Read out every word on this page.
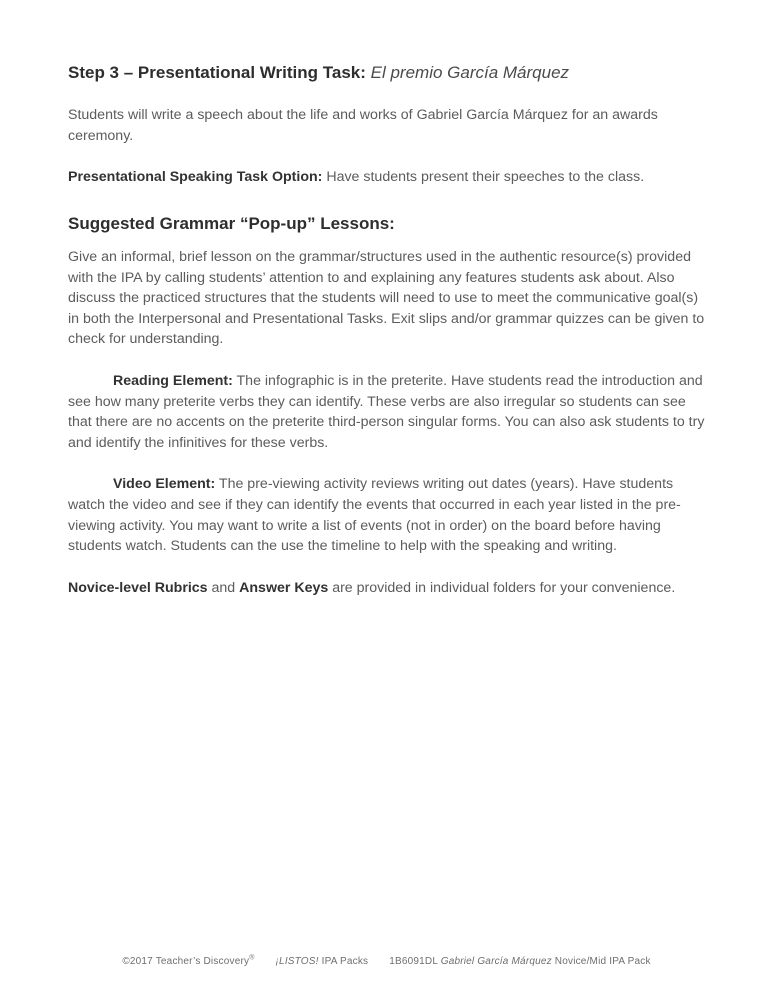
Step 3 – Presentational Writing Task: El premio García Márquez

Students will write a speech about the life and works of Gabriel García Márquez for an awards ceremony.

Presentational Speaking Task Option: Have students present their speeches to the class.

Suggested Grammar “Pop-up” Lessons:

Give an informal, brief lesson on the grammar/structures used in the authentic resource(s) provided with the IPA by calling students’ attention to and explaining any features students ask about. Also discuss the practiced structures that the students will need to use to meet the communicative goal(s) in both the Interpersonal and Presentational Tasks. Exit slips and/or grammar quizzes can be given to check for understanding.

Reading Element: The infographic is in the preterite. Have students read the introduction and see how many preterite verbs they can identify. These verbs are also irregular so students can see that there are no accents on the preterite third-person singular forms. You can also ask students to try and identify the infinitives for these verbs.

Video Element: The pre-viewing activity reviews writing out dates (years). Have students watch the video and see if they can identify the events that occurred in each year listed in the pre-viewing activity. You may want to write a list of events (not in order) on the board before having students watch. Students can the use the timeline to help with the speaking and writing.

Novice-level Rubrics and Answer Keys are provided in individual folders for your convenience.

©2017 Teacher’s Discovery® ¡LISTOS! IPA Packs 1B6091DL Gabriel García Márquez Novice/Mid IPA Pack
